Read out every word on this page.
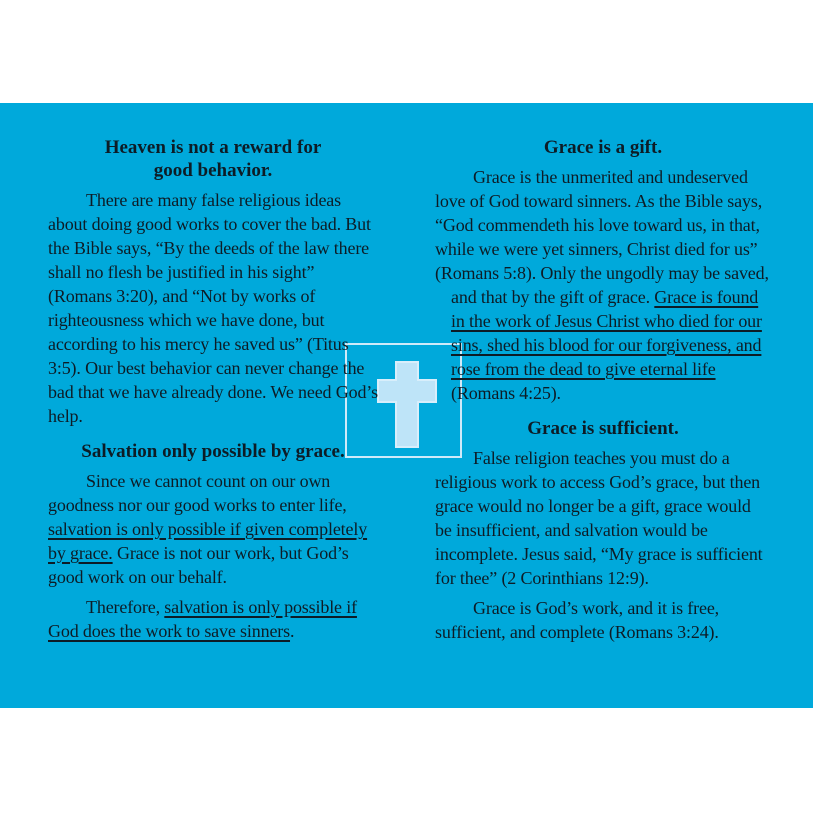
Heaven is not a reward for good behavior.

There are many false religious ideas about doing good works to cover the bad. But the Bible says, “By the deeds of the law there shall no flesh be justified in his sight” (Romans 3:20), and “Not by works of righteousness which we have done, but according to his mercy he saved us” (Titus 3:5). Our best behavior can never change the bad that we have already done. We need God’s help.

Salvation only possible by grace.

Since we cannot count on our own goodness nor our good works to enter life, salvation is only possible if given completely by grace. Grace is not our work, but God’s good work on our behalf.

Therefore, salvation is only possible if God does the work to save sinners.

Grace is a gift.

Grace is the unmerited and undeserved love of God toward sinners. As the Bible says, “God commendeth his love toward us, in that, while we were yet sinners, Christ died for us” (Romans 5:8). Only the ungodly may be saved, and that
by the gift of grace. Grace is found in the work of Jesus Christ who died for our sins, shed his blood for our forgiveness, and rose from the dead to give eternal life (Romans 4:25).

Grace is sufficient.

False religion teaches you must do a religious work to access God’s grace, but then grace would no longer be a gift, grace would be insufficient, and salvation would be incomplete. Jesus said, “My grace is sufficient for thee” (2 Corinthians 12:9).

Grace is God’s work, and it is free, sufficient, and complete (Romans 3:24).
